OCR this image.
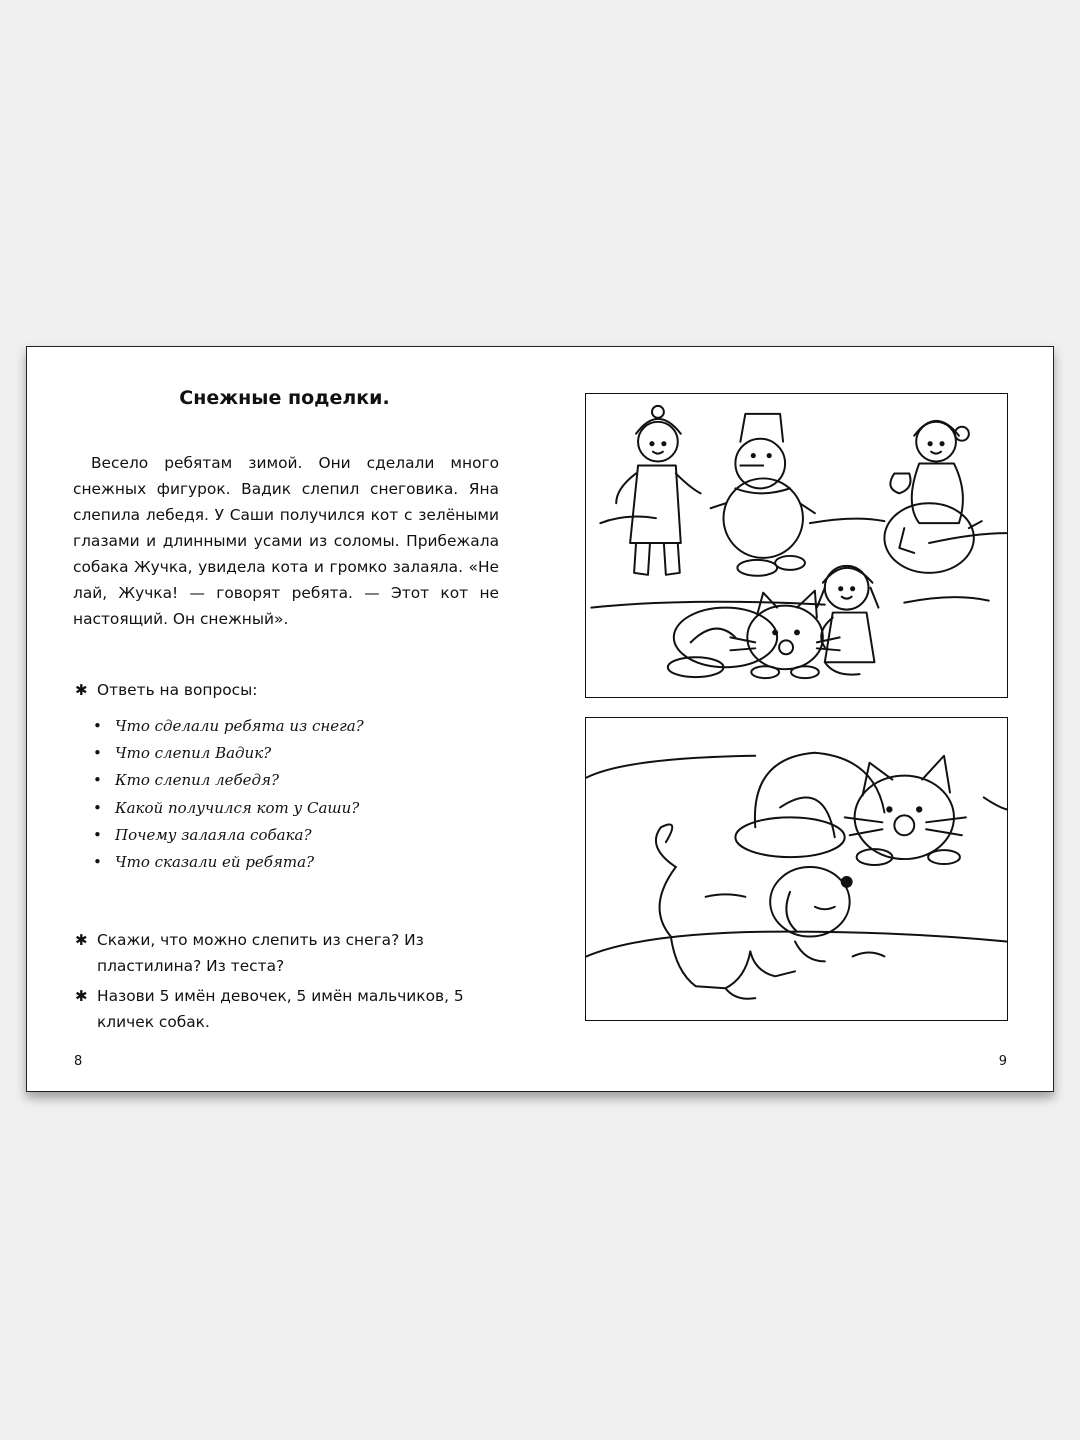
Снежные поделки.
Весело ребятам зимой. Они сделали много снежных фигурок. Вадик слепил снеговика. Яна слепила лебедя. У Саши получился кот с зелёными глазами и длинными усами из соломы. Прибежала собака Жучка, увидела кота и громко залаяла. «Не лай, Жучка! — говорят ребята. — Этот кот не настоящий. Он снежный».
✱ Ответь на вопросы:
• Что сделали ребята из снега?
• Что слепил Вадик?
• Кто слепил лебедя?
• Какой получился кот у Саши?
• Почему залаяла собака?
• Что сказали ей ребята?
✱ Скажи, что можно слепить из снега? Из пластилина? Из теста?
✱ Назови 5 имён девочек, 5 имён мальчиков, 5 кличек собак.
8	9
